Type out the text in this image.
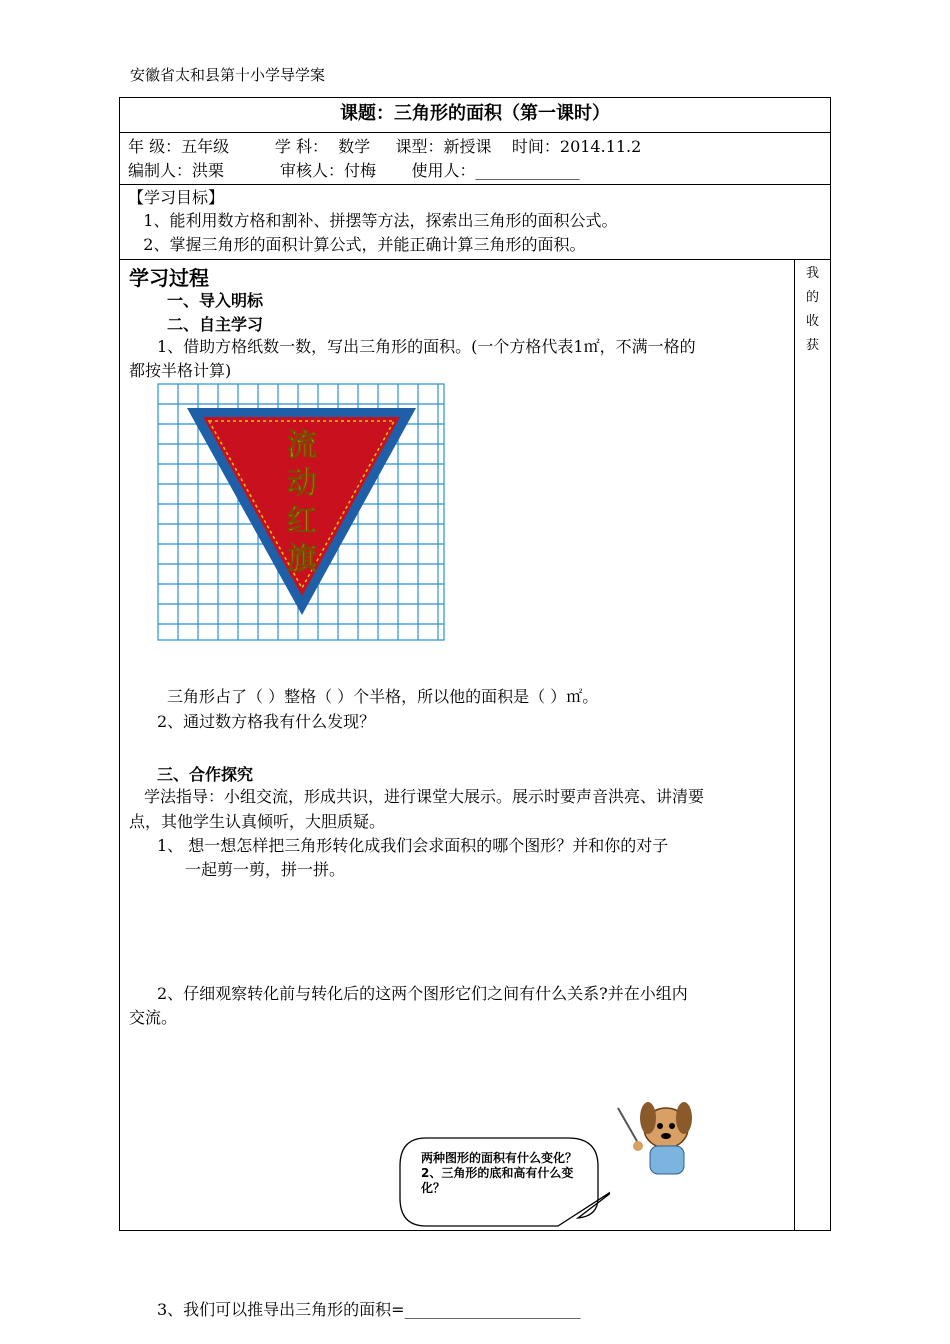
安徽省太和县第十小学导学案
课题：三角形的面积（第一课时）
年 级：五年级         学 科：  数学     课型：新授课    时间：2014.11.2
编制人：洪栗           审核人：付梅       使用人：_____________
【学习目标】
1、能利用数方格和割补、拼摆等方法，探索出三角形的面积公式。
2、掌握三角形的面积计算公式，并能正确计算三角形的面积。
学习过程
一、导入明标
二、自主学习
1、借助方格纸数一数，写出三角形的面积。(一个方格代表1㎡，不满一格的
都按半格计算)
流
动
红
旗
三角形占了（ ）整格（ ）个半格，所以他的面积是（ ）㎡。
2、通过数方格我有什么发现？
三、合作探究
学法指导：小组交流，形成共识，进行课堂大展示。展示时要声音洪亮、讲清要
点，其他学生认真倾听，大胆质疑。
1、 想一想怎样把三角形转化成我们会求面积的哪个图形？并和你的对子
一起剪一剪，拼一拼。
2、仔细观察转化前与转化后的这两个图形它们之间有什么关系?并在小组内
交流。
两种图形的面积有什么变化？
2、三角形的底和高有什么变化？
3、我们可以推导出三角形的面积=______________________
我
的
收
获
